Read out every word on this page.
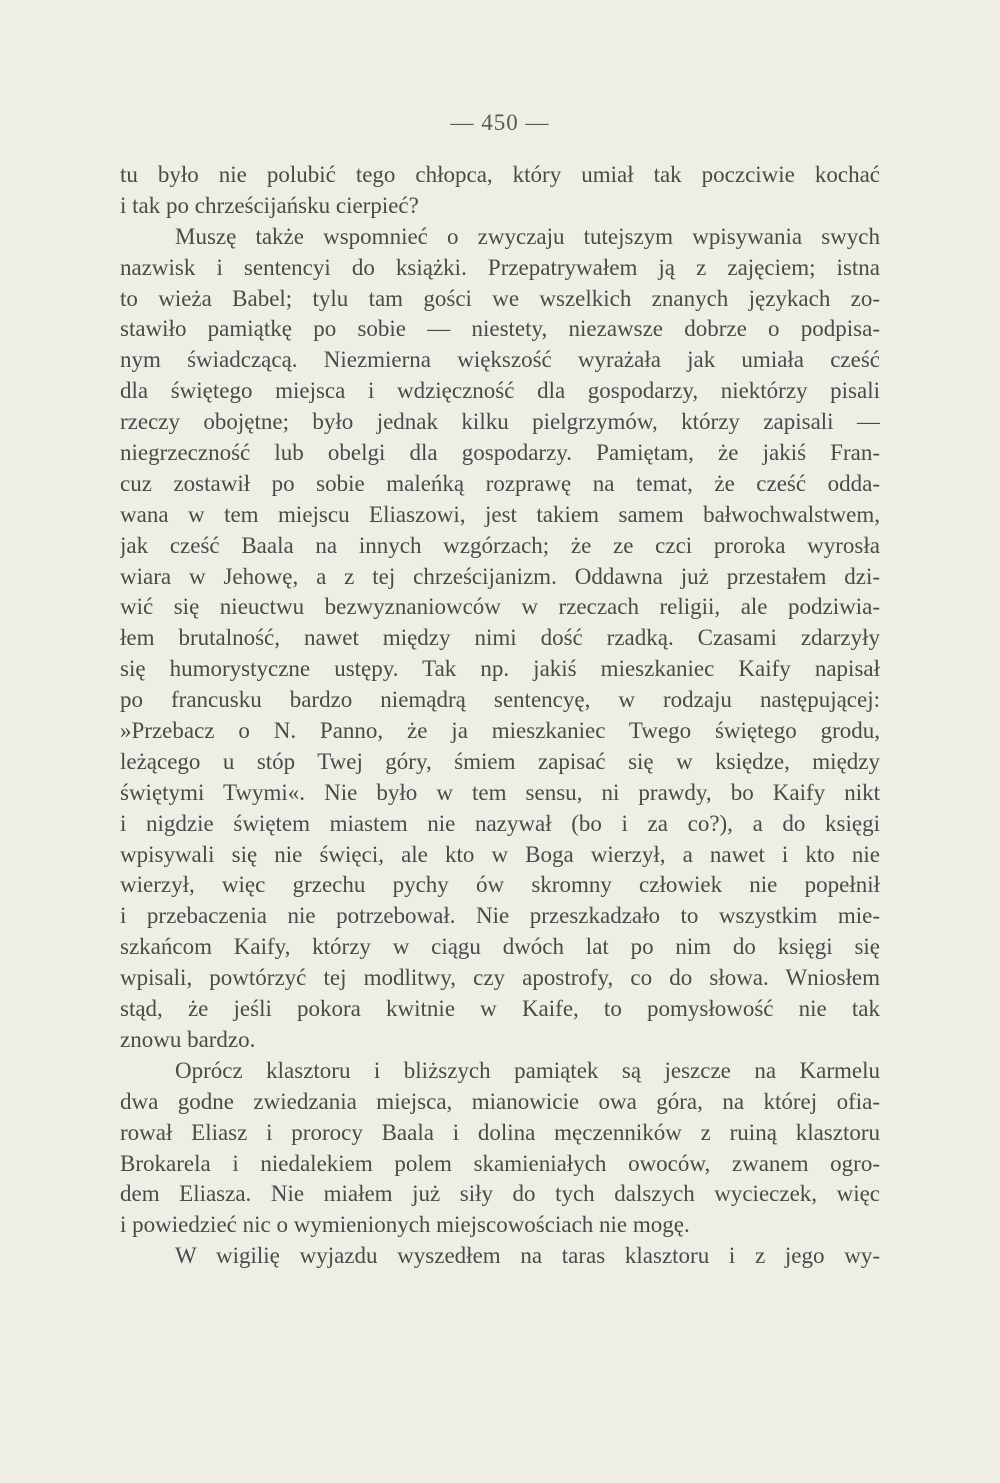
— 450 —
tu było nie polubić tego chłopca, który umiał tak poczciwie kochać
i tak po chrześcijańsku cierpieć?
Muszę także wspomnieć o zwyczaju tutejszym wpisywania swych
nazwisk i sentencyi do książki. Przepatrywałem ją z zajęciem; istna
to wieża Babel; tylu tam gości we wszelkich znanych językach zo-
stawiło pamiątkę po sobie — niestety, niezawsze dobrze o podpisa-
nym świadczącą. Niezmierna większość wyrażała jak umiała cześć
dla świętego miejsca i wdzięczność dla gospodarzy, niektórzy pisali
rzeczy obojętne; było jednak kilku pielgrzymów, którzy zapisali —
niegrzeczność lub obelgi dla gospodarzy. Pamiętam, że jakiś Fran-
cuz zostawił po sobie maleńką rozprawę na temat, że cześć odda-
wana w tem miejscu Eliaszowi, jest takiem samem bałwochwalstwem,
jak cześć Baala na innych wzgórzach; że ze czci proroka wyrosła
wiara w Jehowę, a z tej chrześcijanizm. Oddawna już przestałem dzi-
wić się nieuctwu bezwyznaniowców w rzeczach religii, ale podziwia-
łem brutalność, nawet między nimi dość rzadką. Czasami zdarzyły
się humorystyczne ustępy. Tak np. jakiś mieszkaniec Kaify napisał
po francusku bardzo niemądrą sentencyę, w rodzaju następującej:
»Przebacz o N. Panno, że ja mieszkaniec Twego świętego grodu,
leżącego u stóp Twej góry, śmiem zapisać się w księdze, między
świętymi Twymi«. Nie było w tem sensu, ni prawdy, bo Kaify nikt
i nigdzie świętem miastem nie nazywał (bo i za co?), a do księgi
wpisywali się nie święci, ale kto w Boga wierzył, a nawet i kto nie
wierzył, więc grzechu pychy ów skromny człowiek nie popełnił
i przebaczenia nie potrzebował. Nie przeszkadzało to wszystkim mie-
szkańcom Kaify, którzy w ciągu dwóch lat po nim do księgi się
wpisali, powtórzyć tej modlitwy, czy apostrofy, co do słowa. Wniosłem
stąd, że jeśli pokora kwitnie w Kaife, to pomysłowość nie tak
znowu bardzo.
Oprócz klasztoru i bliższych pamiątek są jeszcze na Karmelu
dwa godne zwiedzania miejsca, mianowicie owa góra, na której ofia-
rował Eliasz i prorocy Baala i dolina męczenników z ruiną klasztoru
Brokarela i niedalekiem polem skamieniałych owoców, zwanem ogro-
dem Eliasza. Nie miałem już siły do tych dalszych wycieczek, więc
i powiedzieć nic o wymienionych miejscowościach nie mogę.
W wigilię wyjazdu wyszedłem na taras klasztoru i z jego wy-
